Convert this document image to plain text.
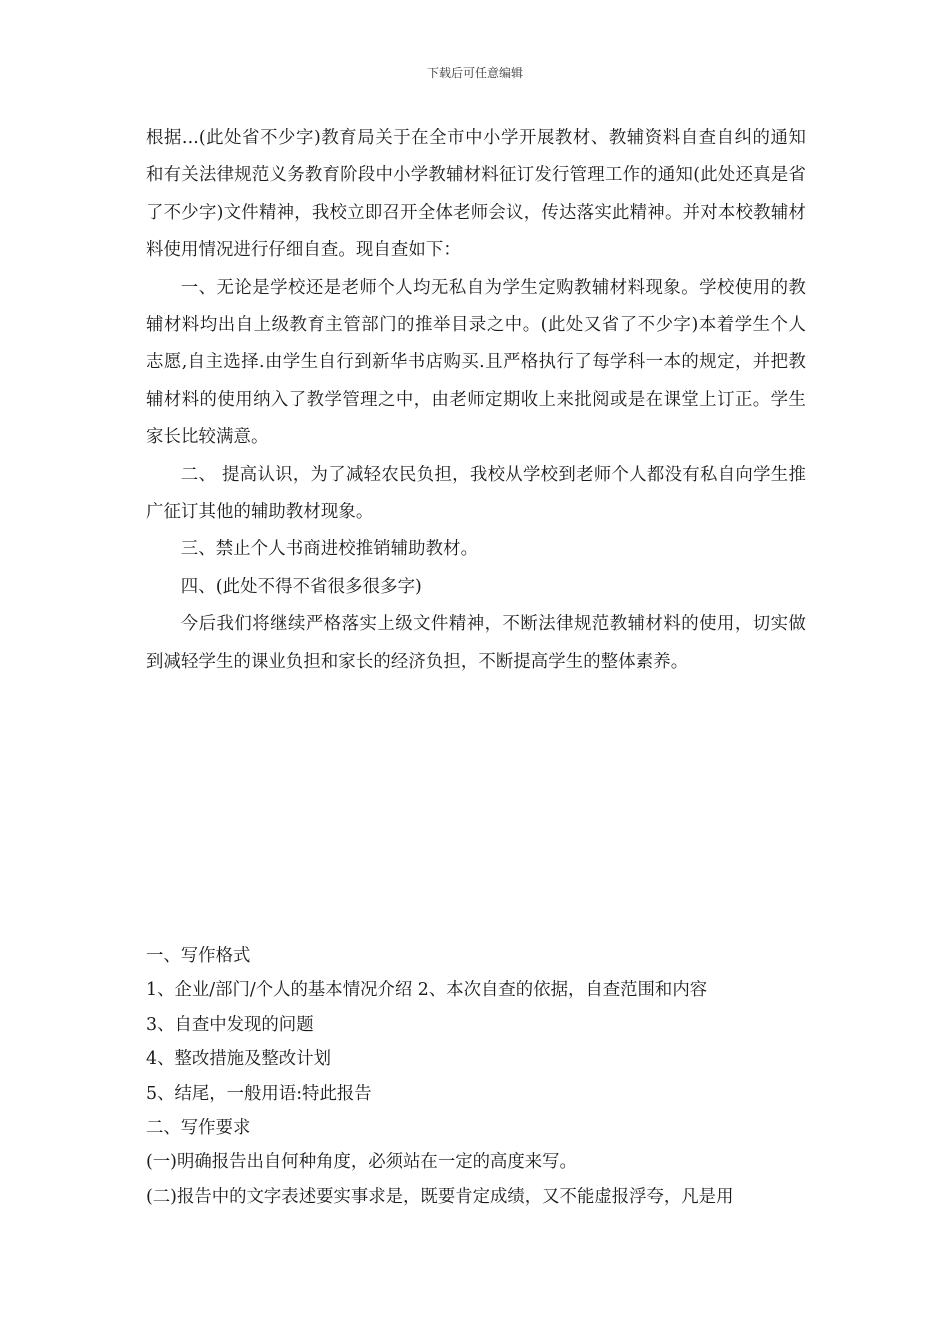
下载后可任意编辑

根据...(此处省不少字)教育局关于在全市中小学开展教材、教辅资料自查自纠的通知和有关法律规范义务教育阶段中小学教辅材料征订发行管理工作的通知(此处还真是省了不少字)文件精神，我校立即召开全体老师会议，传达落实此精神。并对本校教辅材料使用情况进行仔细自查。现自查如下：

一、无论是学校还是老师个人均无私自为学生定购教辅材料现象。学校使用的教辅材料均出自上级教育主管部门的推举目录之中。(此处又省了不少字)本着学生个人志愿,自主选择.由学生自行到新华书店购买.且严格执行了每学科一本的规定，并把教辅材料的使用纳入了教学管理之中，由老师定期收上来批阅或是在课堂上订正。学生家长比较满意。

二、 提高认识，为了减轻农民负担，我校从学校到老师个人都没有私自向学生推广征订其他的辅助教材现象。

三、禁止个人书商进校推销辅助教材。

四、(此处不得不省很多很多字)

今后我们将继续严格落实上级文件精神，不断法律规范教辅材料的使用，切实做到减轻学生的课业负担和家长的经济负担，不断提高学生的整体素养。

一、写作格式

1、企业/部门/个人的基本情况介绍 2、本次自查的依据，自查范围和内容

3、自查中发现的问题

4、整改措施及整改计划

5、结尾，一般用语:特此报告

二、写作要求

(一)明确报告出自何种角度，必须站在一定的高度来写。

(二)报告中的文字表述要实事求是，既要肯定成绩，又不能虚报浮夸，凡是用
